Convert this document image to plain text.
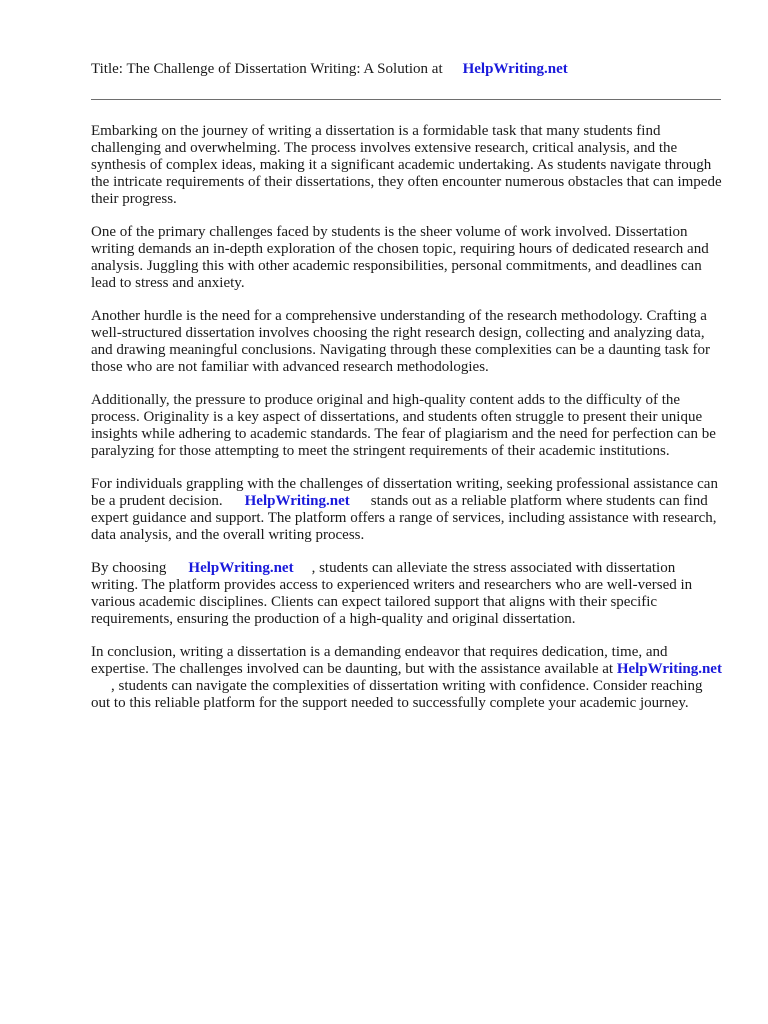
Title: The Challenge of Dissertation Writing: A Solution at HelpWriting.net

Embarking on the journey of writing a dissertation is a formidable task that many students find challenging and overwhelming. The process involves extensive research, critical analysis, and the synthesis of complex ideas, making it a significant academic undertaking. As students navigate through the intricate requirements of their dissertations, they often encounter numerous obstacles that can impede their progress.

One of the primary challenges faced by students is the sheer volume of work involved. Dissertation writing demands an in-depth exploration of the chosen topic, requiring hours of dedicated research and analysis. Juggling this with other academic responsibilities, personal commitments, and deadlines can lead to stress and anxiety.

Another hurdle is the need for a comprehensive understanding of the research methodology. Crafting a well-structured dissertation involves choosing the right research design, collecting and analyzing data, and drawing meaningful conclusions. Navigating through these complexities can be a daunting task for those who are not familiar with advanced research methodologies.

Additionally, the pressure to produce original and high-quality content adds to the difficulty of the process. Originality is a key aspect of dissertations, and students often struggle to present their unique insights while adhering to academic standards. The fear of plagiarism and the need for perfection can be paralyzing for those attempting to meet the stringent requirements of their academic institutions.

For individuals grappling with the challenges of dissertation writing, seeking professional assistance can be a prudent decision. HelpWriting.net stands out as a reliable platform where students can find expert guidance and support. The platform offers a range of services, including assistance with research, data analysis, and the overall writing process.

By choosing HelpWriting.net , students can alleviate the stress associated with dissertation writing. The platform provides access to experienced writers and researchers who are well-versed in various academic disciplines. Clients can expect tailored support that aligns with their specific requirements, ensuring the production of a high-quality and original dissertation.

In conclusion, writing a dissertation is a demanding endeavor that requires dedication, time, and expertise. The challenges involved can be daunting, but with the assistance available at HelpWriting.net, students can navigate the complexities of dissertation writing with confidence. Consider reaching out to this reliable platform for the support needed to successfully complete your academic journey.
